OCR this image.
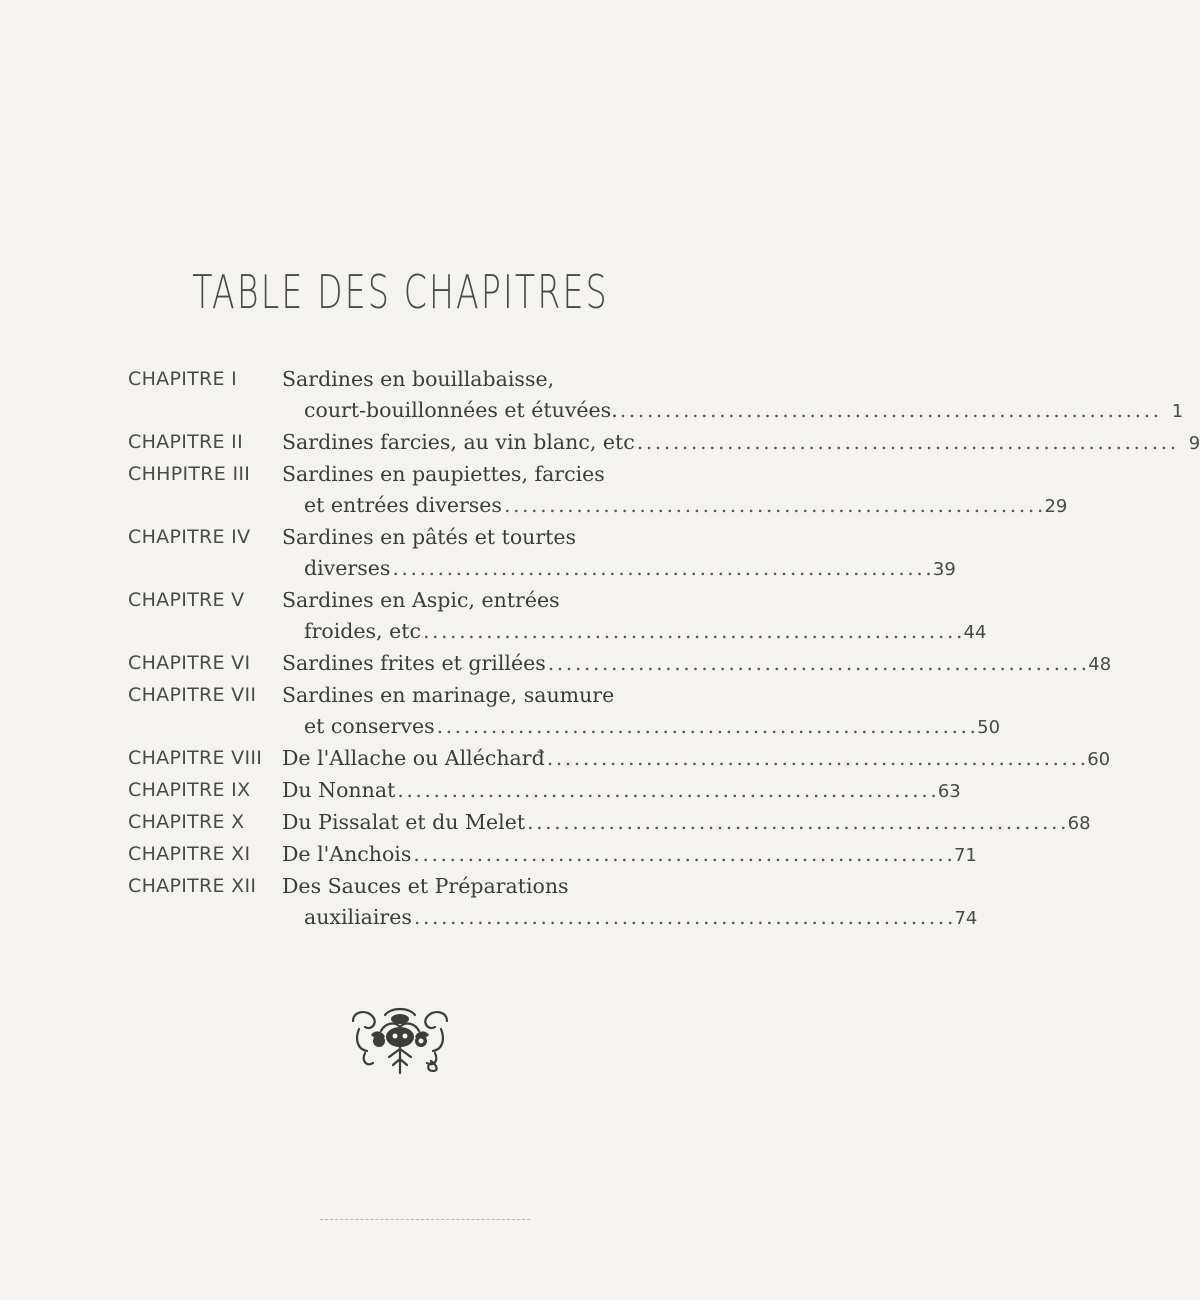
TABLE DES CHAPITRES
CHAPITRE I	Sardines en bouillabaisse,
court-bouillonnées et étuvées. . . .	1
CHAPITRE II	Sardines farcies, au vin blanc, etc . . .	9
CHHPITRE III	Sardines en paupiettes, farcies
et entrées diverses . . .	29
CHAPITRE IV	Sardines en pâtés et tourtes
diverses . . .	39
CHAPITRE V	Sardines en Aspic, entrées
froides, etc . . .	44
CHAPITRE VI	Sardines frites et grillées . . .	48
CHAPITRE VII	Sardines en marinage, saumure
et conserves . . .	50
CHAPITRE VIII De l'Allache ou Allécharđ . . .	60
CHAPITRE IX	Du Nonnat . . .	63
CHAPITRE X	Du Pissalat et du Melet . . .	68
CHAPITRE XI	De l'Anchois . . .	71
CHAPITRE XII	Des Sauces et Préparations
auxiliaires . . .	74
